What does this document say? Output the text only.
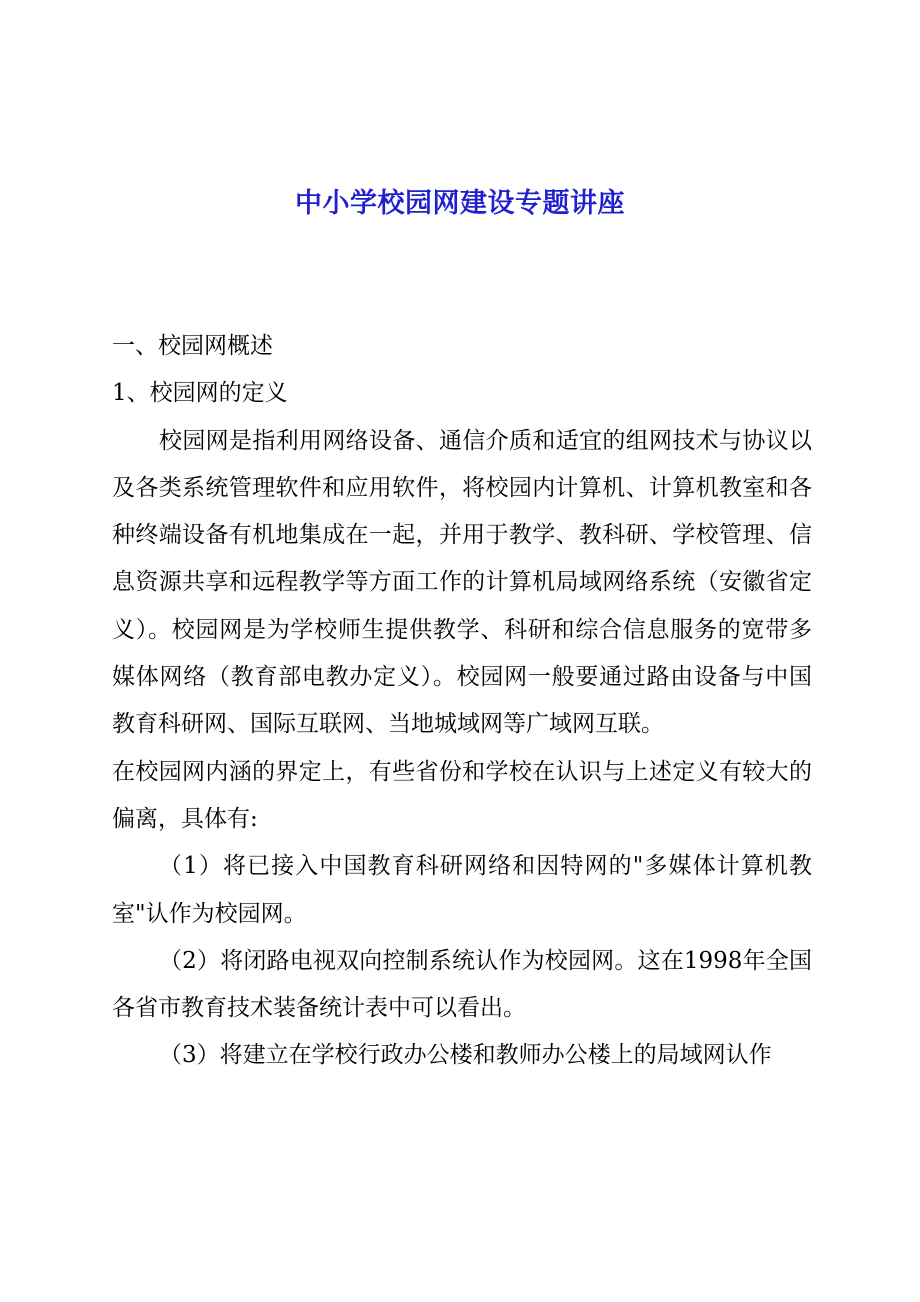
中小学校园网建设专题讲座

一、校园网概述

1、校园网的定义

校园网是指利用网络设备、通信介质和适宜的组网技术与协议以及各类系统管理软件和应用软件，将校园内计算机、计算机教室和各种终端设备有机地集成在一起，并用于教学、教科研、学校管理、信息资源共享和远程教学等方面工作的计算机局域网络系统（安徽省定义）。校园网是为学校师生提供教学、科研和综合信息服务的宽带多媒体网络（教育部电教办定义）。校园网一般要通过路由设备与中国教育科研网、国际互联网、当地城域网等广域网互联。

在校园网内涵的界定上，有些省份和学校在认识与上述定义有较大的偏离，具体有:

（1）将已接入中国教育科研网络和因特网的"多媒体计算机教室"认作为校园网。

（2）将闭路电视双向控制系统认作为校园网。这在1998年全国各省市教育技术装备统计表中可以看出。

（3）将建立在学校行政办公楼和教师办公楼上的局域网认作
